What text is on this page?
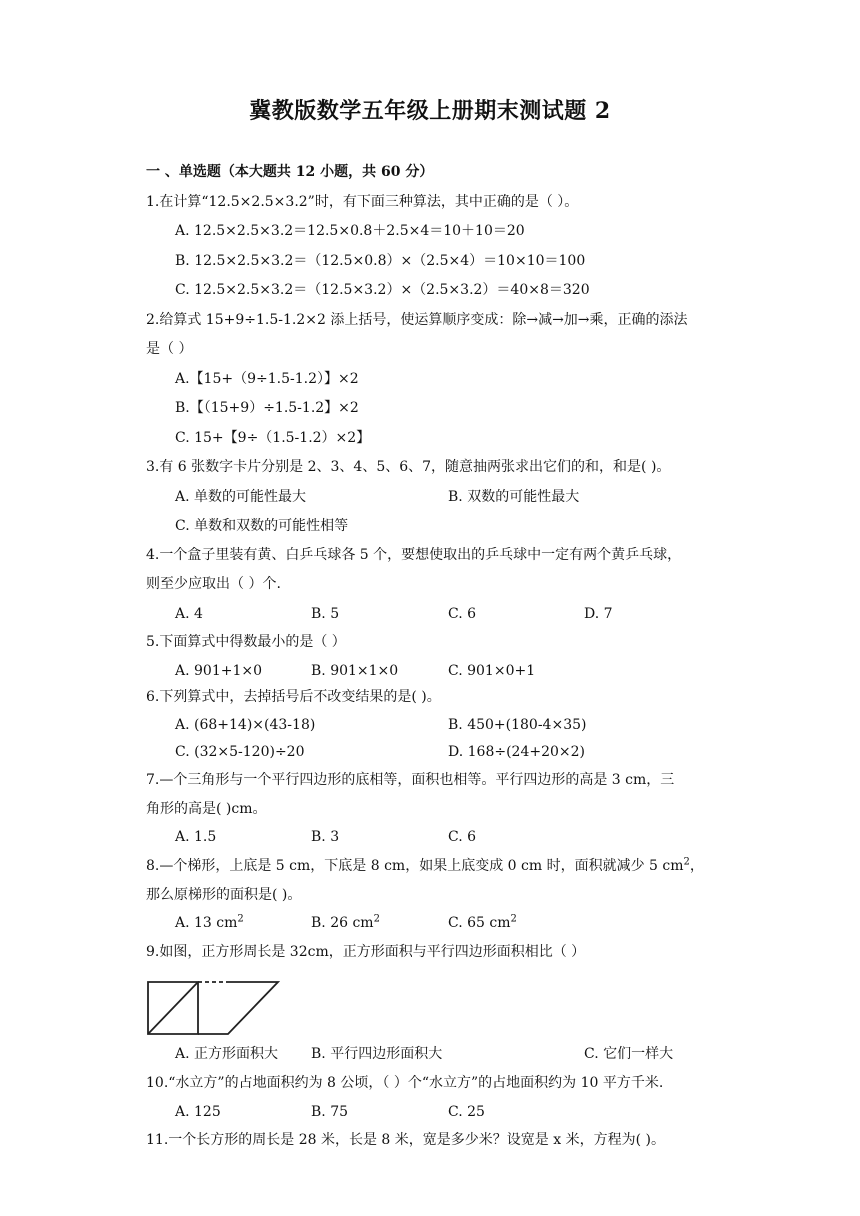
冀教版数学五年级上册期末测试题 2
一 、单选题（本大题共 12 小题，共 60 分）
1.在计算“12.5×2.5×3.2”时，有下面三种算法，其中正确的是（ ）。
A. 12.5×2.5×3.2＝12.5×0.8＋2.5×4＝10＋10＝20
B. 12.5×2.5×3.2＝（12.5×0.8）×（2.5×4）＝10×10＝100
C. 12.5×2.5×3.2＝（12.5×3.2）×（2.5×3.2）＝40×8＝320
2.给算式 15+9÷1.5-1.2×2 添上括号，使运算顺序变成：除→减→加→乘，正确的添法
是（ ）
A.【15+（9÷1.5-1.2）】×2
B.【（15+9）÷1.5-1.2】×2
C. 15+【9÷（1.5-1.2）×2】
3.有 6 张数字卡片分别是 2、3、4、5、6、7，随意抽两张求出它们的和，和是( )。
A. 单数的可能性最大	B. 双数的可能性最大
C. 单数和双数的可能性相等
4.一个盒子里装有黄、白乒乓球各 5 个，要想使取出的乒乓球中一定有两个黄乒乓球，
则至少应取出（ ）个.
A. 4	B. 5	C. 6	D. 7
5.下面算式中得数最小的是（ ）
A. 901+1×0	B. 901×1×0	C. 901×0+1
6.下列算式中，去掉括号后不改变结果的是( )。
A. (68+14)×(43-18)	B. 450+(180-4×35)
C. (32×5-120)÷20	D. 168÷(24+20×2)
7.—个三角形与一个平行四边形的底相等，面积也相等。平行四边形的高是 3 cm，三
角形的高是( )cm。
A. 1.5	B. 3	C. 6
8.—个梯形，上底是 5 cm，下底是 8 cm，如果上底变成 0 cm 时，面积就减少 5 $cm^2$，
那么原梯形的面积是( )。
A. 13 $cm^2$	B. 26 $cm^2$	C. 65 $cm^2$
9.如图，正方形周长是 32cm，正方形面积与平行四边形面积相比（ ）
A. 正方形面积大 B. 平行四边形面积大	C. 它们一样大
10.“水立方”的占地面积约为 8 公顷，（ ）个“水立方”的占地面积约为 10 平方千米.
A. 125	B. 75	C. 25
11.一个长方形的周长是 28 米，长是 8 米，宽是多少米？设宽是 x 米，方程为( )。
